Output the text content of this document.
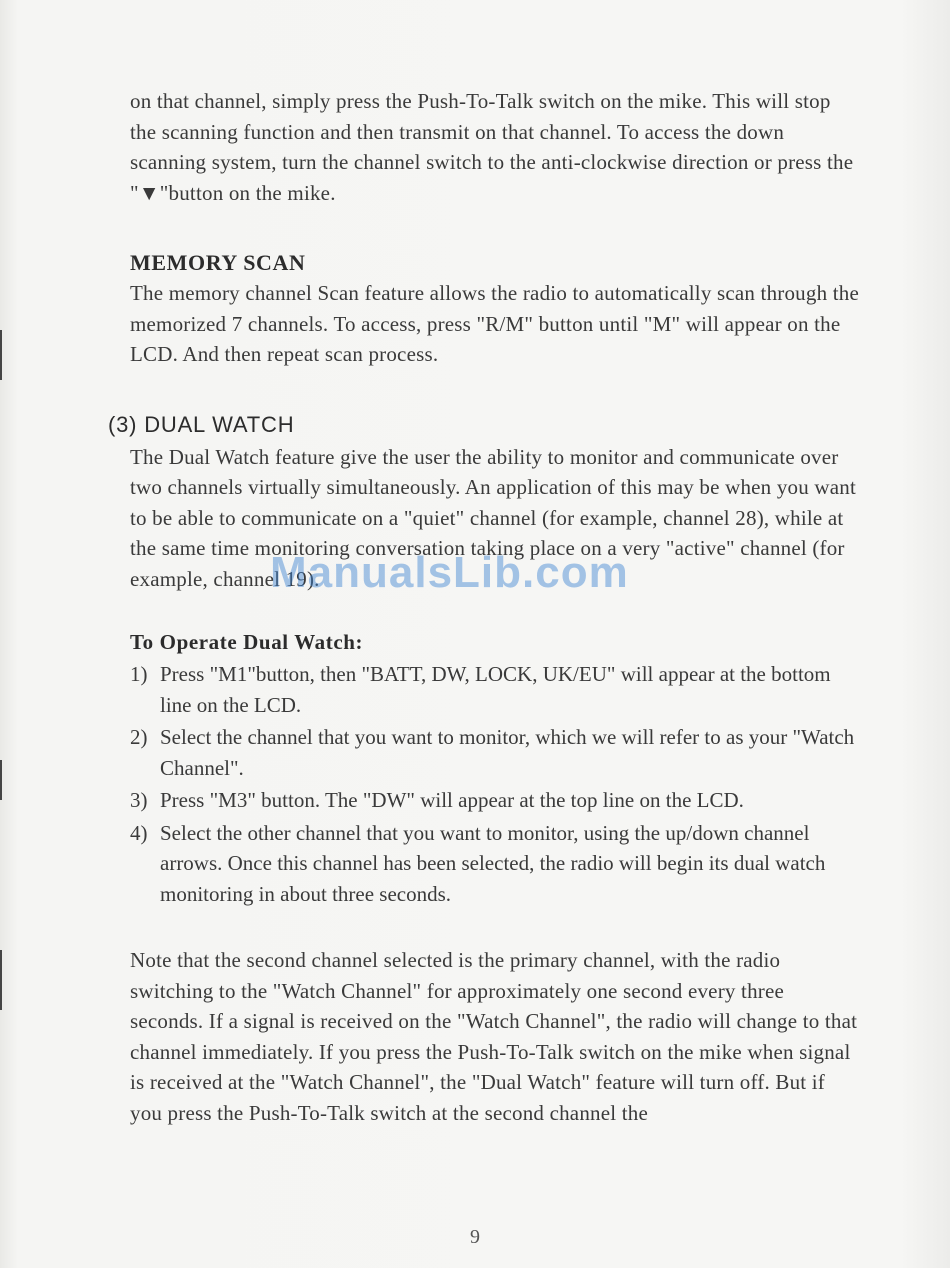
on that channel, simply press the Push-To-Talk switch on the mike. This will stop the scanning function and then transmit on that channel. To access the down scanning system, turn the channel switch to the anti-clockwise direction or press the "▼"button on the mike.

MEMORY SCAN

The memory channel Scan feature allows the radio to automatically scan through the memorized 7 channels. To access, press "R/M" button until "M" will appear on the LCD. And then repeat scan process.

(3) DUAL WATCH

The Dual Watch feature give the user the ability to monitor and communicate over two channels virtually simultaneously. An application of this may be when you want to be able to communicate on a "quiet" channel (for example, channel 28), while at the same time monitoring conversation taking place on a very "active" channel (for example, channel 19).

To Operate Dual Watch:
1) Press "M1"button, then "BATT, DW, LOCK, UK/EU" will appear at the bottom line on the LCD.
2) Select the channel that you want to monitor, which we will refer to as your "Watch Channel".
3) Press "M3" button. The "DW" will appear at the top line on the LCD.
4) Select the other channel that you want to monitor, using the up/down channel arrows. Once this channel has been selected, the radio will begin its dual watch monitoring in about three seconds.

Note that the second channel selected is the primary channel, with the radio switching to the "Watch Channel" for approximately one second every three seconds. If a signal is received on the "Watch Channel", the radio will change to that channel immediately. If you press the Push-To-Talk switch on the mike when signal is received at the "Watch Channel", the "Dual Watch" feature will turn off. But if you press the Push-To-Talk switch at the second channel the

ManualsLib.com
9
